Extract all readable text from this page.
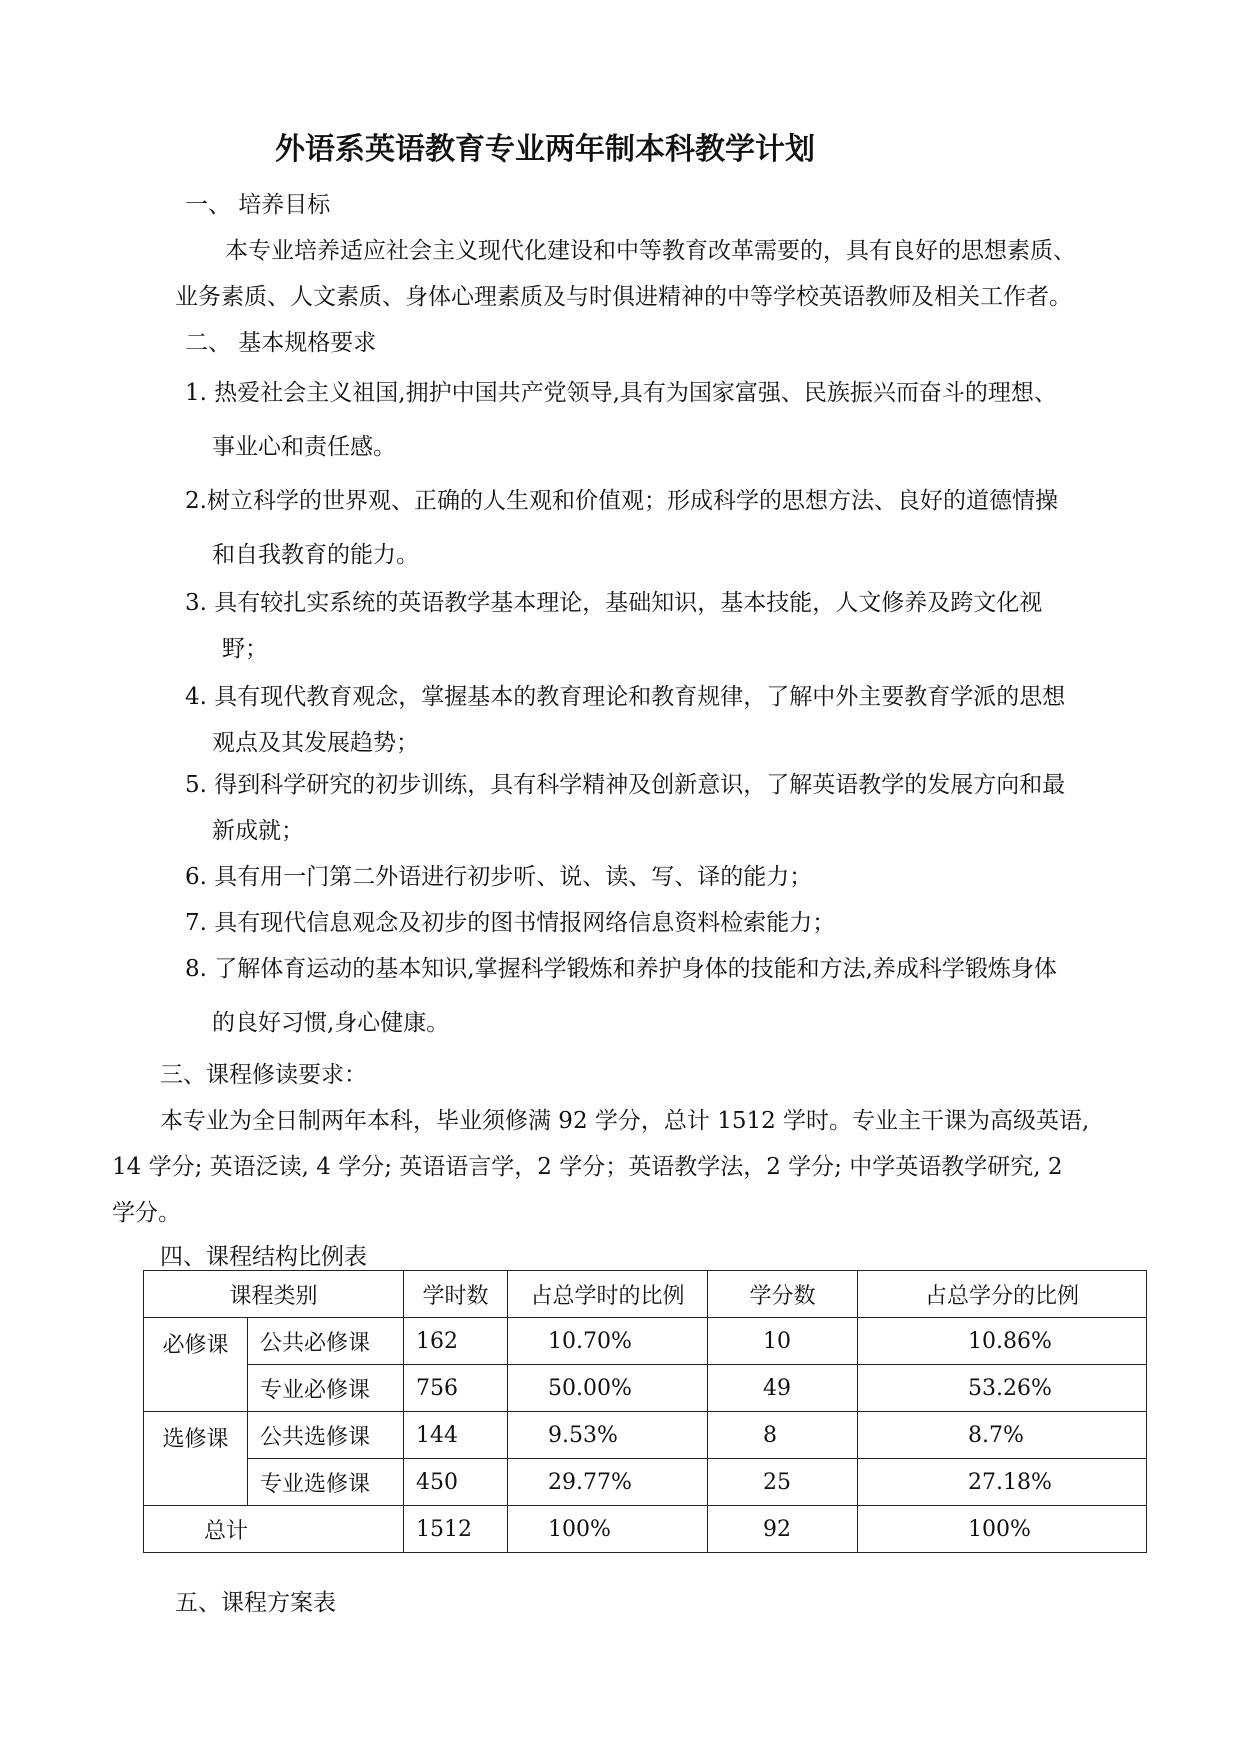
外语系英语教育专业两年制本科教学计划
一、 培养目标
本专业培养适应社会主义现代化建设和中等教育改革需要的，具有良好的思想素质、
业务素质、人文素质、身体心理素质及与时俱进精神的中等学校英语教师及相关工作者。
二、 基本规格要求
1. 热爱社会主义祖国,拥护中国共产党领导,具有为国家富强、民族振兴而奋斗的理想、
事业心和责任感。
2.树立科学的世界观、正确的人生观和价值观；形成科学的思想方法、良好的道德情操
和自我教育的能力。
3. 具有较扎实系统的英语教学基本理论，基础知识，基本技能，人文修养及跨文化视
野；
4. 具有现代教育观念，掌握基本的教育理论和教育规律，了解中外主要教育学派的思想
观点及其发展趋势；
5. 得到科学研究的初步训练，具有科学精神及创新意识，了解英语教学的发展方向和最
新成就；
6. 具有用一门第二外语进行初步听、说、读、写、译的能力；
7. 具有现代信息观念及初步的图书情报网络信息资料检索能力；
8. 了解体育运动的基本知识,掌握科学锻炼和养护身体的技能和方法,养成科学锻炼身体
的良好习惯,身心健康。
三、课程修读要求：
本专业为全日制两年本科，毕业须修满 92 学分，总计 1512 学时。专业主干课为高级英语,
14 学分; 英语泛读, 4 学分; 英语语言学，2 学分；英语教学法，2 学分; 中学英语教学研究, 2
学分。
四、课程结构比例表
课程类别		学时数	占总学时的比例	学分数	占总学分的比例
必修课	公共必修课	162	10.70%	10	10.86%
	专业必修课	756	50.00%	49	53.26%
选修课	公共选修课	144	9.53%	8	8.7%
	专业选修课	450	29.77%	25	27.18%
总计		1512	100%	92	100%
五、课程方案表
